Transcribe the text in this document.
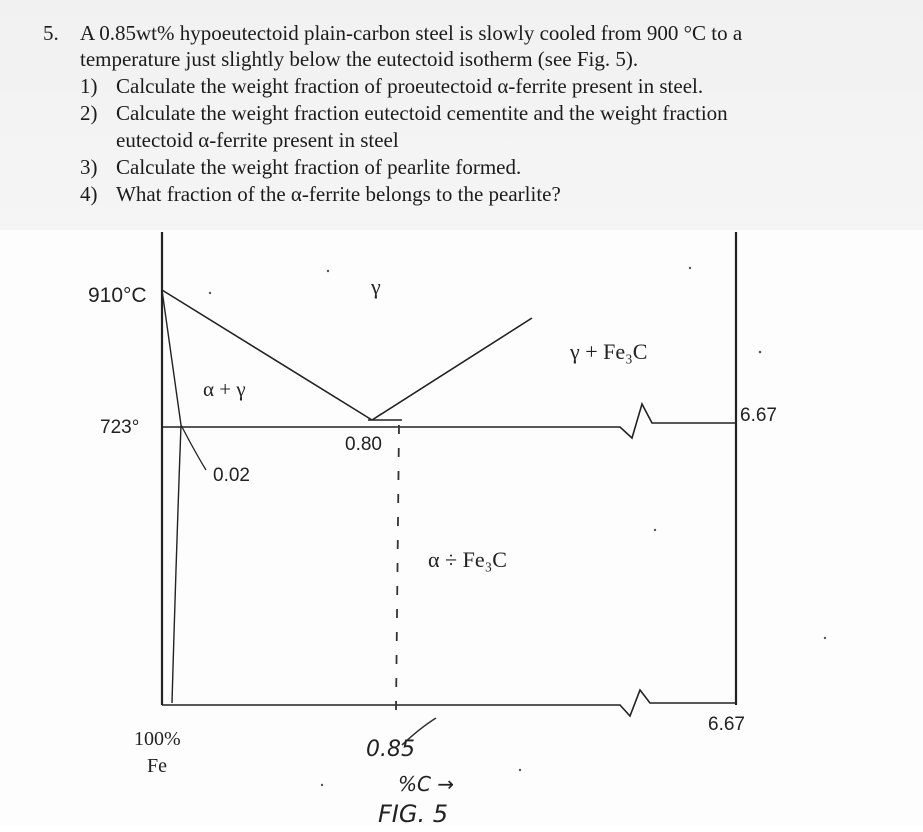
5. A 0.85wt% hypoeutectoid plain-carbon steel is slowly cooled from 900 °C to a
temperature just slightly below the eutectoid isotherm (see Fig. 5).
1) Calculate the weight fraction of proeutectoid α-ferrite present in steel.
2) Calculate the weight fraction eutectoid cementite and the weight fraction
eutectoid α-ferrite present in steel
3) Calculate the weight fraction of pearlite formed.
4) What fraction of the α-ferrite belongs to the pearlite?
910°C
723°
γ
γ + Fe₃C
α + γ
0.80
0.02
6.67
6.67
α ÷ Fe₃C
100%
Fe
0.85
%C →
FIG. 5
